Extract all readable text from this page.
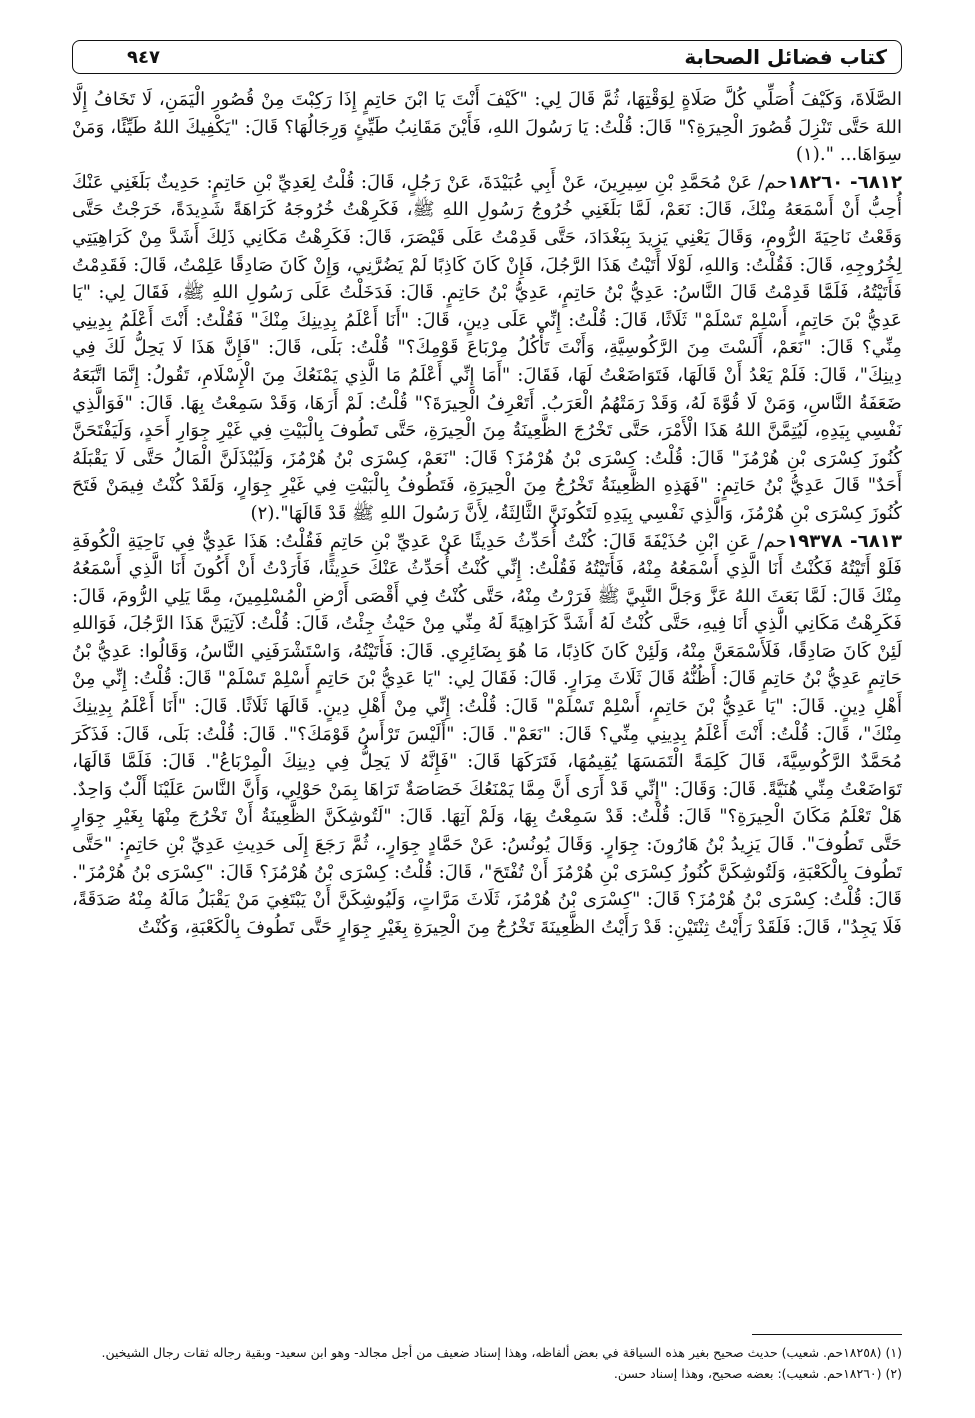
كتاب فضائل الصحابة
٩٤٧

الصَّلَاةَ، وَكَيْفَ أُصَلِّي كُلَّ صَلَاةٍ لِوَقْتِهَا، ثُمَّ قَالَ لِي: "كَيْفَ أَنْتَ يَا ابْنَ حَاتِمٍ إِذَا رَكِبْتَ مِنْ قُصُورِ الْيَمَنِ، لَا تَخَافُ إِلَّا اللهَ حَتَّى تَنْزِلَ قُصُورَ الْحِيرَةِ؟" قَالَ: قُلْتُ: يَا رَسُولَ اللهِ، فَأَيْنَ مَقَانِبُ طَيِّئٍ وَرِجَالُهَا؟ قَالَ: "يَكْفِيكَ اللهُ طَيِّئًا، وَمَنْ سِوَاهَا... ".(١)

٦٨١٢- ١٨٢٦٠حم/ عَنْ مُحَمَّدِ بْنِ سِيرِينَ، عَنْ أَبِي عُبَيْدَةَ، عَنْ رَجُلٍ، قَالَ: قُلْتُ لِعَدِيِّ بْنِ حَاتِمٍ: حَدِيثٌ بَلَغَنِي عَنْكَ أُحِبُّ أَنْ أَسْمَعَهُ مِنْكَ، قَالَ: نَعَمْ، لَمَّا بَلَغَنِي خُرُوجُ رَسُولِ اللهِ ﷺ، فَكَرِهْتُ خُرُوجَهُ كَرَاهَةً شَدِيدَةً، خَرَجْتُ حَتَّى وَقَعْتُ نَاحِيَةَ الرُّومِ، وَقَالَ يَعْنِي يَزِيدَ بِبَغْدَادَ، حَتَّى قَدِمْتُ عَلَى قَيْصَرَ، قَالَ: فَكَرِهْتُ مَكَانِي ذَلِكَ أَشَدَّ مِنْ كَرَاهِيَتِي لِخُرُوجِهِ، قَالَ: فَقُلْتُ: وَاللهِ، لَوْلَا أَتَيْتُ هَذَا الرَّجُلَ، فَإِنْ كَانَ كَاذِبًا لَمْ يَضُرَّنِي، وَإِنْ كَانَ صَادِقًا عَلِمْتُ، قَالَ: فَقَدِمْتُ فَأَتَيْتُهُ، فَلَمَّا قَدِمْتُ قَالَ النَّاسُ: عَدِيُّ بْنُ حَاتِمٍ، عَدِيُّ بْنُ حَاتِمٍ. قَالَ: فَدَخَلْتُ عَلَى رَسُولِ اللهِ ﷺ، فَقَالَ لِي: "يَا عَدِيُّ بْنَ حَاتِمٍ، أَسْلِمْ تَسْلَمْ" ثَلَاثًا، قَالَ: قُلْتُ: إِنِّي عَلَى دِينٍ، قَالَ: "أَنَا أَعْلَمُ بِدِينِكَ مِنْكَ" فَقُلْتُ: أَنْتَ أَعْلَمُ بِدِينِي مِنِّي؟ قَالَ: "نَعَمْ، أَلَسْتَ مِنَ الرَّكُوسِيَّةِ، وَأَنْتَ تَأْكُلُ مِرْبَاعَ قَوْمِكَ؟" قُلْتُ: بَلَى، قَالَ: "فَإِنَّ هَذَا لَا يَحِلُّ لَكَ فِي دِينِكَ"، قَالَ: فَلَمْ يَعْدُ أَنْ قَالَهَا، فَتَوَاضَعْتُ لَهَا، فَقَالَ: "أَمَا إِنِّي أَعْلَمُ مَا الَّذِي يَمْنَعُكَ مِنَ الْإِسْلَامِ، تَقُولُ: إِنَّمَا اتَّبَعَهُ ضَعَفَةُ النَّاسِ، وَمَنْ لَا قُوَّةَ لَهُ، وَقَدْ رَمَتْهُمُ الْعَرَبُ. أَتَعْرِفُ الْحِيرَةَ؟" قُلْتُ: لَمْ أَرَهَا، وَقَدْ سَمِعْتُ بِهَا. قَالَ: "فَوَالَّذِي نَفْسِي بِيَدِهِ، لَيُتِمَّنَّ اللهُ هَذَا الْأَمْرَ، حَتَّى تَخْرُجَ الظَّعِينَةُ مِنَ الْحِيرَةِ، حَتَّى تَطُوفَ بِالْبَيْتِ فِي غَيْرِ جِوَارِ أَحَدٍ، وَلَيَفْتَحَنَّ كُنُوزَ كِسْرَى بْنِ هُرْمُزَ" قَالَ: قُلْتُ: كِسْرَى بْنُ هُرْمُزَ؟ قَالَ: "نَعَمْ، كِسْرَى بْنُ هُرْمُزَ، وَلَيُبْذَلَنَّ الْمَالُ حَتَّى لَا يَقْبَلَهُ أَحَدٌ" قَالَ عَدِيُّ بْنُ حَاتِمٍ: "فَهَذِهِ الظَّعِينَةُ تَخْرُجُ مِنَ الْحِيرَةِ، فَتَطُوفُ بِالْبَيْتِ فِي غَيْرِ جِوَارٍ، وَلَقَدْ كُنْتُ فِيمَنْ فَتَحَ كُنُوزَ كِسْرَى بْنِ هُرْمُزَ، وَالَّذِي نَفْسِي بِيَدِهِ لَتَكُونَنَّ الثَّالِثَةُ، لِأَنَّ رَسُولَ اللهِ ﷺ قَدْ قَالَهَا".(٢)

٦٨١٣- ١٩٣٧٨حم/ عَنِ ابْنِ حُذَيْفَةَ قَالَ: كُنْتُ أُحَدِّثُ حَدِيثًا عَنْ عَدِيِّ بْنِ حَاتِمٍ فَقُلْتُ: هَذَا عَدِيٌّ فِي نَاحِيَةِ الْكُوفَةِ فَلَوْ أَتَيْتُهُ فَكُنْتُ أَنَا الَّذِي أَسْمَعُهُ مِنْهُ، فَأَتَيْتُهُ فَقُلْتُ: إِنِّي كُنْتُ أُحَدِّثُ عَنْكَ حَدِيثًا، فَأَرَدْتُ أَنْ أَكُونَ أَنَا الَّذِي أَسْمَعُهُ مِنْكَ قَالَ: لَمَّا بَعَثَ اللهُ عَزَّ وَجَلَّ النَّبِيَّ ﷺ فَرَرْتُ مِنْهُ، حَتَّى كُنْتُ فِي أَقْصَى أَرْضِ الْمُسْلِمِينَ، مِمَّا يَلِي الرُّومَ، قَالَ: فَكَرِهْتُ مَكَانِي الَّذِي أَنَا فِيهِ، حَتَّى كُنْتُ لَهُ أَشَدَّ كَرَاهِيَةً لَهُ مِنِّي مِنْ حَيْثُ جِئْتُ، قَالَ: قُلْتُ: لَآتِيَنَّ هَذَا الرَّجُلَ، فَوَاللهِ لَئِنْ كَانَ صَادِقًا، فَلَأَسْمَعَنَّ مِنْهُ، وَلَئِنْ كَانَ كَاذِبًا، مَا هُوَ بِضَائِرِي. قَالَ: فَأَتَيْتُهُ، وَاسْتَشْرَفَنِي النَّاسُ، وَقَالُوا: عَدِيُّ بْنُ حَاتِمٍ عَدِيُّ بْنُ حَاتِمٍ قَالَ: أَظُنُّهُ قَالَ ثَلَاثَ مِرَارٍ. قَالَ: فَقَالَ لِي: "يَا عَدِيُّ بْنَ حَاتِمٍ أَسْلِمْ تَسْلَمْ" قَالَ: قُلْتُ: إِنِّي مِنْ أَهْلِ دِينٍ. قَالَ: "يَا عَدِيُّ بْنَ حَاتِمٍ، أَسْلِمْ تَسْلَمْ" قَالَ: قُلْتُ: إِنِّي مِنْ أَهْلِ دِينٍ. قَالَهَا ثَلَاثًا. قَالَ: "أَنَا أَعْلَمُ بِدِينِكَ مِنْكَ"، قَالَ: قُلْتُ: أَنْتَ أَعْلَمُ بِدِينِي مِنِّي؟ قَالَ: "نَعَمْ". قَالَ: "أَلَيْسَ تَرْأَسُ قَوْمَكَ؟". قَالَ: قُلْتُ: بَلَى، قَالَ: فَذَكَرَ مُحَمَّدٌ الرَّكُوسِيَّةَ، قَالَ كَلِمَةً الْتَمَسَهَا يُقِيمُهَا، فَتَرَكَهَا قَالَ: "فَإِنَّهُ لَا يَحِلُّ فِي دِينِكَ الْمِرْبَاعُ". قَالَ: فَلَمَّا قَالَهَا، تَوَاضَعْتُ مِنِّي هُنَيَّةً. قَالَ: وَقَالَ: "إِنِّي قَدْ أَرَى أَنَّ مِمَّا يَمْنَعُكَ خَصَاصَةٌ تَرَاهَا بِمَنْ حَوْلِي، وَأَنَّ النَّاسَ عَلَيْنَا أَلْبٌ وَاحِدٌ. هَلْ تَعْلَمُ مَكَانَ الْحِيرَةِ؟" قَالَ: قُلْتُ: قَدْ سَمِعْتُ بِهَا، وَلَمْ آتِهَا. قَالَ: "لَتُوشِكَنَّ الظَّعِينَةُ أَنْ تَخْرُجَ مِنْهَا بِغَيْرِ جِوَارٍ حَتَّى تَطُوفَ". قَالَ يَزِيدُ بْنُ هَارُونَ: جِوَارٍ. وَقَالَ يُونُسُ: عَنْ حَمَّادٍ جِوَارٍ.، ثُمَّ رَجَعَ إِلَى حَدِيثِ عَدِيِّ بْنِ حَاتِمٍ: "حَتَّى تَطُوفَ بِالْكَعْبَةِ، وَلَتُوشِكَنَّ كُنُوزُ كِسْرَى بْنِ هُرْمُزَ أَنْ تُفْتَحَ"، قَالَ: قُلْتُ: كِسْرَى بْنُ هُرْمُزَ؟ قَالَ: "كِسْرَى بْنُ هُرْمُزَ". قَالَ: قُلْتُ: كِسْرَى بْنُ هُرْمُزَ؟ قَالَ: "كِسْرَى بْنُ هُرْمُزَ، ثَلَاثَ مَرَّاتٍ، وَلَيُوشِكَنَّ أَنْ يَبْتَغِيَ مَنْ يَقْبَلُ مَالَهُ مِنْهُ صَدَقَةً، فَلَا يَجِدُ"، قَالَ: فَلَقَدْ رَأَيْتُ ثِنْتَيْنِ: قَدْ رَأَيْتُ الظَّعِينَةَ تَخْرُجُ مِنَ الْحِيرَةِ بِغَيْرِ جِوَارٍ حَتَّى تَطُوفَ بِالْكَعْبَةِ، وَكُنْتُ

(١) (١٨٢٥٨حم. شعيب) حديث صحيح بغير هذه السياقة في بعض ألفاظه، وهذا إسناد ضعيف من أجل مجالد- وهو ابن سعيد- وبقية رجاله ثقات رجال الشيخين.

(٢) (١٨٢٦٠حم. شعيب): بعضه صحيح، وهذا إسناد حسن.
